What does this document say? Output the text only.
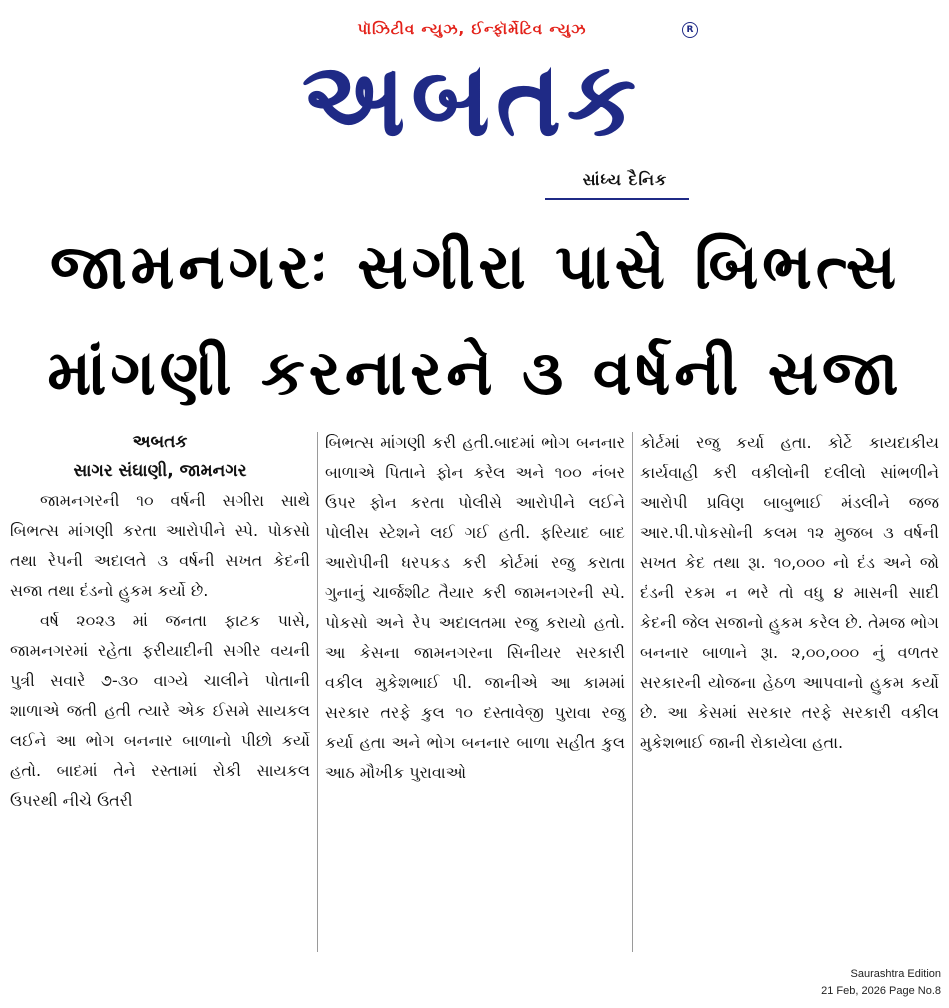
પૉઝિટીવ ન્યુઝ, ઈન્ફૉર્મેટિવ ન્યુઝ	R
અબતક
સાંધ્ય દૈનિક
જામનગરઃ સગીરા પાસે બિભત્સ
માંગણી કરનારને ૩ વર્ષની સજા
અબતક
સાગર સંઘાણી, જામનગર

જામનગરની ૧૦ વર્ષની સગીરા સાથે બિભત્સ માંગણી કરતા આરોપીને સ્પે. પોકસો તથા રેપની અદાલતે ૩ વર્ષની સખત કેદની સજા તથા દંડનો હુકમ કર્યો છે.

વર્ષ ૨૦૨૩ માં જનતા ફાટક પાસે, જામનગરમાં રહેતા ફરીયાદીની સગીર વયની પુત્રી સવારે ૭-૩૦ વાગ્યે ચાલીને પોતાની શાળાએ જતી હતી ત્યારે એક ઈસમે સાયકલ લઈને આ ભોગ બનનાર બાળાનો પીછો કર્યો હતો. બાદમાં તેને રસ્તામાં રોકી સાયકલ ઉપરથી નીચે ઉતરી

બિભત્સ માંગણી કરી હતી.બાદમાં ભોગ બનનાર બાળાએ પિતાને ફોન કરેલ અને ૧૦૦ નંબર ઉપર ફોન કરતા પોલીસે આરોપીને લઈને પોલીસ સ્ટેશને લઈ ગઈ હતી. ફરિયાદ બાદ આરોપીની ધરપકડ કરી કોર્ટમાં રજુ કરાતા ગુનાનું ચાર્જશીટ તૈયાર કરી જામનગરની સ્પે. પોકસો અને રેપ અદાલતમા રજુ કરાયો હતો. આ કેસના જામનગરના સિનીયર સરકારી વકીલ મુકેશભાઈ પી. જાનીએ આ કામમાં સરકાર તરફે કુલ ૧૦ દસ્તાવેજી પુરાવા રજુ કર્યા હતા અને ભોગ બનનાર બાળા સહીત કુલ આઠ મૌખીક પુરાવાઓ

કોર્ટમાં રજુ કર્યા હતા. કોર્ટે કાયદાકીય કાર્યવાહી કરી વકીલોની દલીલો સાંભળીને આરોપી પ્રવિણ બાબુભાઈ મંડલીને જજ આર.પી.પોકસોની કલમ ૧૨ મુજબ ૩ વર્ષની સખત કેદ તથા રૂા. ૧૦,૦૦૦ નો દંડ અને જો દંડની રકમ ન ભરે તો વધુ ૪ માસની સાદી કેદની જેલ સજાનો હુકમ કરેલ છે. તેમજ ભોગ બનનાર બાળાને રૂા. ૨,૦૦,૦૦૦ નું વળતર સરકારની યોજના હેઠળ આપવાનો હુકમ કર્યો છે. આ કેસમાં સરકાર તરફે સરકારી વકીલ મુકેશભાઈ જાની રોકાયેલા હતા.

Saurashtra Edition
21 Feb, 2026 Page No.8
